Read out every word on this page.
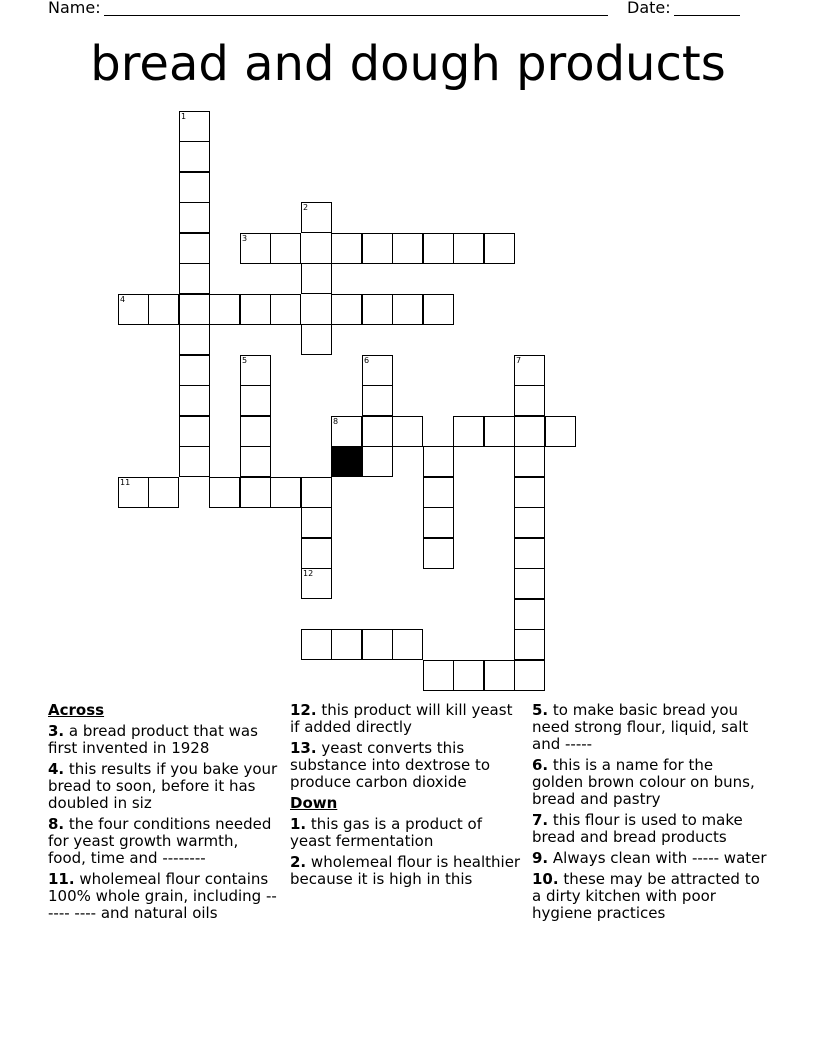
Name:	Date:
bread and dough products
1
2
3
4
5	6
8
7
12
11
Across
3. a bread product that was first invented in 1928
4. this results if you bake your bread to soon, before it has doubled in siz
8. the four conditions needed for yeast growth warmth, food, time and --------
11. wholemeal flour contains 100% whole grain, including ------ ---- and natural oils
12. this product will kill yeast if added directly
13. yeast converts this substance into dextrose to produce carbon dioxide
Down
1. this gas is a product of yeast fermentation
2. wholemeal flour is healthier because it is high in this
5. to make basic bread you need strong flour, liquid, salt and -----
6. this is a name for the golden brown colour on buns, bread and pastry
7. this flour is used to make bread and bread products
9. Always clean with ----- water
10. these may be attracted to a dirty kitchen with poor hygiene practices
